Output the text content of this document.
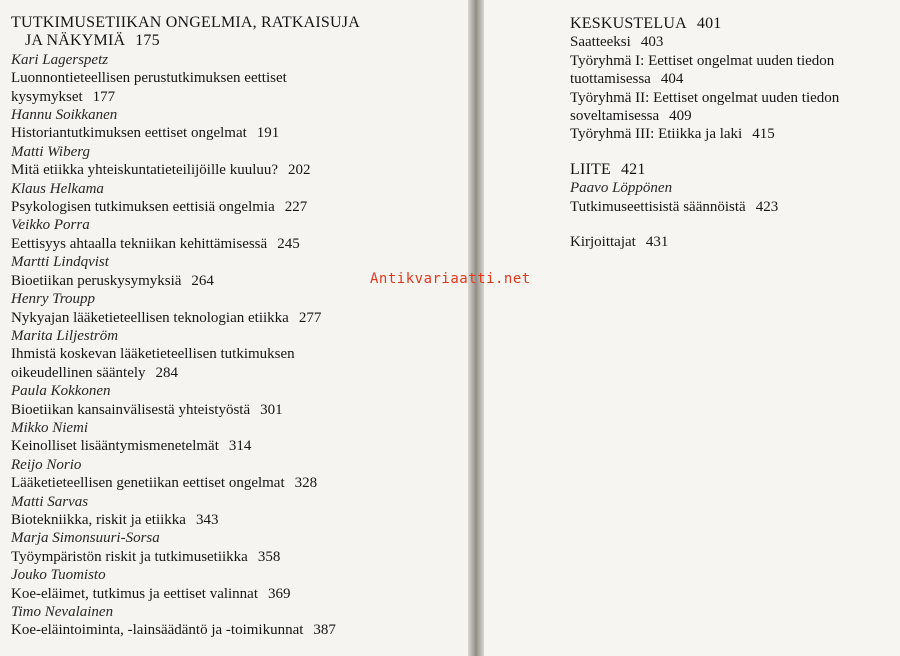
TUTKIMUSETIIKAN ONGELMIA, RATKAISUJA
JA NÄKYMIÄ 175
Kari Lagerspetz
Luonnontieteellisen perustutkimuksen eettiset
kysymykset 177
Hannu Soikkanen
Historiantutkimuksen eettiset ongelmat 191
Matti Wiberg
Mitä etiikka yhteiskuntatieteilijöille kuuluu? 202
Klaus Helkama
Psykologisen tutkimuksen eettisiä ongelmia 227
Veikko Porra
Eettisyys ahtaalla tekniikan kehittämisessä 245
Martti Lindqvist
Bioetiikan peruskysymyksiä 264
Henry Troupp
Nykyajan lääketieteellisen teknologian etiikka 277
Marita Liljeström
Ihmistä koskevan lääketieteellisen tutkimuksen
oikeudellinen sääntely 284
Paula Kokkonen
Bioetiikan kansainvälisestä yhteistyöstä 301
Mikko Niemi
Keinolliset lisääntymismenetelmät 314
Reijo Norio
Lääketieteellisen genetiikan eettiset ongelmat 328
Matti Sarvas
Biotekniikka, riskit ja etiikka 343
Marja Simonsuuri-Sorsa
Työympäristön riskit ja tutkimusetiikka 358
Jouko Tuomisto
Koe-eläimet, tutkimus ja eettiset valinnat 369
Timo Nevalainen
Koe-eläintoiminta, -lainsäädäntö ja -toimikunnat 387
KESKUSTELUA 401
Saatteeksi 403
Työryhmä I: Eettiset ongelmat uuden tiedon
tuottamisessa 404
Työryhmä II: Eettiset ongelmat uuden tiedon
soveltamisessa 409
Työryhmä III: Etiikka ja laki 415
LIITE 421
Paavo Löppönen
Tutkimuseettisistä säännöistä 423
Kirjoittajat 431

Antikvariaatti.net
